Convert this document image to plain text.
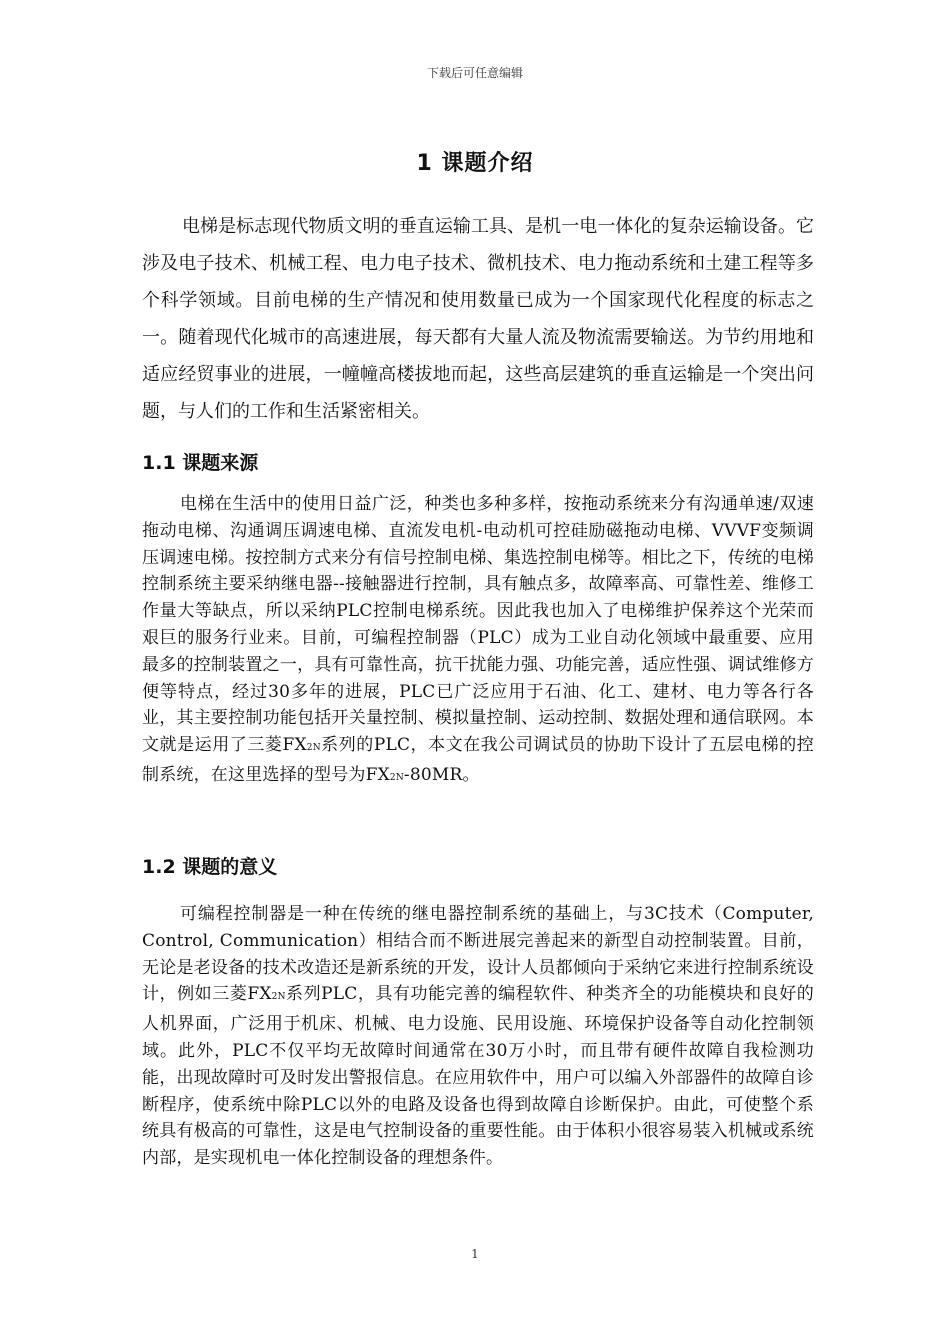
下载后可任意编辑
1 课题介绍

电梯是标志现代物质文明的垂直运输工具、是机一电一体化的复杂运输设备。它涉及电子技术、机械工程、电力电子技术、微机技术、电力拖动系统和土建工程等多个科学领域。目前电梯的生产情况和使用数量已成为一个国家现代化程度的标志之一。随着现代化城市的高速进展，每天都有大量人流及物流需要输送。为节约用地和适应经贸事业的进展，一幢幢高楼拔地而起，这些高层建筑的垂直运输是一个突出问题，与人们的工作和生活紧密相关。

1.1 课题来源

电梯在生活中的使用日益广泛，种类也多种多样，按拖动系统来分有沟通单速/双速拖动电梯、沟通调压调速电梯、直流发电机-电动机可控硅励磁拖动电梯、VVVF变频调压调速电梯。按控制方式来分有信号控制电梯、集选控制电梯等。相比之下，传统的电梯控制系统主要采纳继电器--接触器进行控制，具有触点多，故障率高、可靠性差、维修工作量大等缺点，所以采纳PLC控制电梯系统。因此我也加入了电梯维护保养这个光荣而艰巨的服务行业来。目前，可编程控制器（PLC）成为工业自动化领域中最重要、应用最多的控制装置之一，具有可靠性高，抗干扰能力强、功能完善，适应性强、调试维修方便等特点，经过30多年的进展，PLC已广泛应用于石油、化工、建材、电力等各行各业，其主要控制功能包括开关量控制、模拟量控制、运动控制、数据处理和通信联网。本文就是运用了三菱FX2N系列的PLC，本文在我公司调试员的协助下设计了五层电梯的控制系统，在这里选择的型号为FX2N-80MR。

1.2 课题的意义

可编程控制器是一种在传统的继电器控制系统的基础上，与3C技术（Computer, Control, Communication）相结合而不断进展完善起来的新型自动控制装置。目前，无论是老设备的技术改造还是新系统的开发，设计人员都倾向于采纳它来进行控制系统设计，例如三菱FX2N系列PLC，具有功能完善的编程软件、种类齐全的功能模块和良好的人机界面，广泛用于机床、机械、电力设施、民用设施、环境保护设备等自动化控制领域。此外，PLC不仅平均无故障时间通常在30万小时，而且带有硬件故障自我检测功能，出现故障时可及时发出警报信息。在应用软件中，用户可以编入外部器件的故障自诊断程序，使系统中除PLC以外的电路及设备也得到故障自诊断保护。由此，可使整个系统具有极高的可靠性，这是电气控制设备的重要性能。由于体积小很容易装入机械或系统内部，是实现机电一体化控制设备的理想条件。

1
